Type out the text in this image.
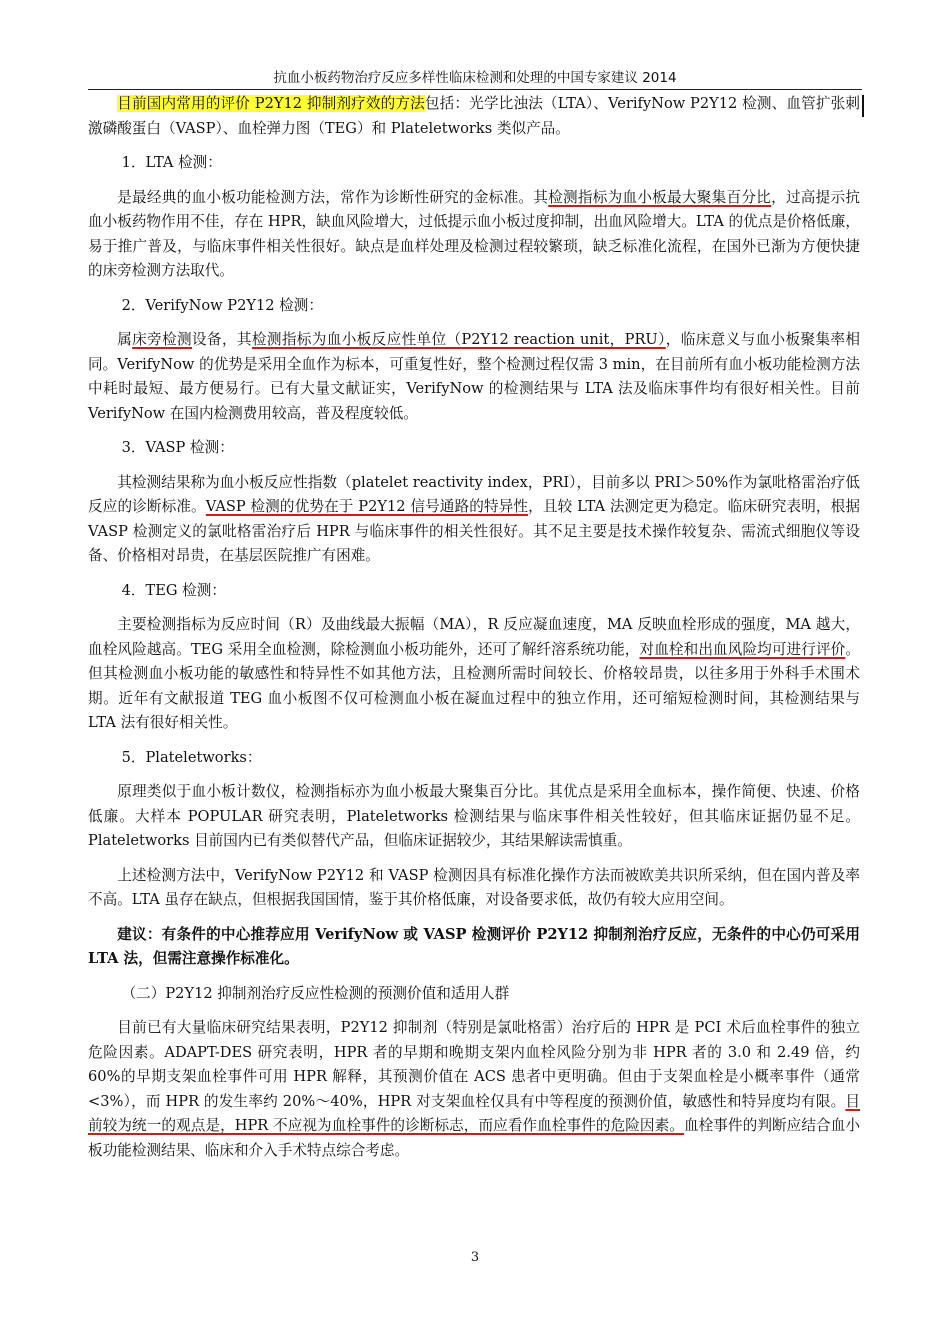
抗血小板药物治疗反应多样性临床检测和处理的中国专家建议 2014

目前国内常用的评价 P2Y12 抑制剂疗效的方法包括：光学比浊法（LTA）、VerifyNow P2Y12 检测、血管扩张刺激磷酸蛋白（VASP）、血栓弹力图（TEG）和 Plateletworks 类似产品。

1．LTA 检测：

是最经典的血小板功能检测方法，常作为诊断性研究的金标准。其检测指标为血小板最大聚集百分比，过高提示抗血小板药物作用不佳，存在 HPR，缺血风险增大，过低提示血小板过度抑制，出血风险增大。LTA 的优点是价格低廉，易于推广普及，与临床事件相关性很好。缺点是血样处理及检测过程较繁琐，缺乏标准化流程，在国外已渐为方便快捷的床旁检测方法取代。

2．VerifyNow P2Y12 检测：

属床旁检测设备，其检测指标为血小板反应性单位（P2Y12 reaction unit，PRU），临床意义与血小板聚集率相同。VerifyNow 的优势是采用全血作为标本，可重复性好，整个检测过程仅需 3 min，在目前所有血小板功能检测方法中耗时最短、最方便易行。已有大量文献证实，VerifyNow 的检测结果与 LTA 法及临床事件均有很好相关性。目前 VerifyNow 在国内检测费用较高，普及程度较低。

3．VASP 检测：

其检测结果称为血小板反应性指数（platelet reactivity index，PRI），目前多以 PRI＞50%作为氯吡格雷治疗低反应的诊断标准。VASP 检测的优势在于 P2Y12 信号通路的特异性，且较 LTA 法测定更为稳定。临床研究表明，根据 VASP 检测定义的氯吡格雷治疗后 HPR 与临床事件的相关性很好。其不足主要是技术操作较复杂、需流式细胞仪等设备、价格相对昂贵，在基层医院推广有困难。

4．TEG 检测：

主要检测指标为反应时间（R）及曲线最大振幅（MA），R 反应凝血速度，MA 反映血栓形成的强度，MA 越大，血栓风险越高。TEG 采用全血检测，除检测血小板功能外，还可了解纤溶系统功能，对血栓和出血风险均可进行评价。但其检测血小板功能的敏感性和特异性不如其他方法，且检测所需时间较长、价格较昂贵，以往多用于外科手术围术期。近年有文献报道 TEG 血小板图不仅可检测血小板在凝血过程中的独立作用，还可缩短检测时间，其检测结果与 LTA 法有很好相关性。

5．Plateletworks：

原理类似于血小板计数仪，检测指标亦为血小板最大聚集百分比。其优点是采用全血标本，操作简便、快速、价格低廉。大样本 POPULAR 研究表明，Plateletworks 检测结果与临床事件相关性较好，但其临床证据仍显不足。Plateletworks 目前国内已有类似替代产品，但临床证据较少，其结果解读需慎重。

上述检测方法中，VerifyNow P2Y12 和 VASP 检测因具有标准化操作方法而被欧美共识所采纳，但在国内普及率不高。LTA 虽存在缺点，但根据我国国情，鉴于其价格低廉，对设备要求低，故仍有较大应用空间。

建议：有条件的中心推荐应用 VerifyNow 或 VASP 检测评价 P2Y12 抑制剂治疗反应，无条件的中心仍可采用 LTA 法，但需注意操作标准化。

（二）P2Y12 抑制剂治疗反应性检测的预测价值和适用人群

目前已有大量临床研究结果表明，P2Y12 抑制剂（特别是氯吡格雷）治疗后的 HPR 是 PCI 术后血栓事件的独立危险因素。ADAPT-DES 研究表明，HPR 者的早期和晚期支架内血栓风险分别为非 HPR 者的 3.0 和 2.49 倍，约 60%的早期支架血栓事件可用 HPR 解释，其预测价值在 ACS 患者中更明确。但由于支架血栓是小概率事件（通常<3%），而 HPR 的发生率约 20%～40%，HPR 对支架血栓仅具有中等程度的预测价值，敏感性和特异度均有限。目前较为统一的观点是，HPR 不应视为血栓事件的诊断标志，而应看作血栓事件的危险因素。血栓事件的判断应结合血小板功能检测结果、临床和介入手术特点综合考虑。

3
